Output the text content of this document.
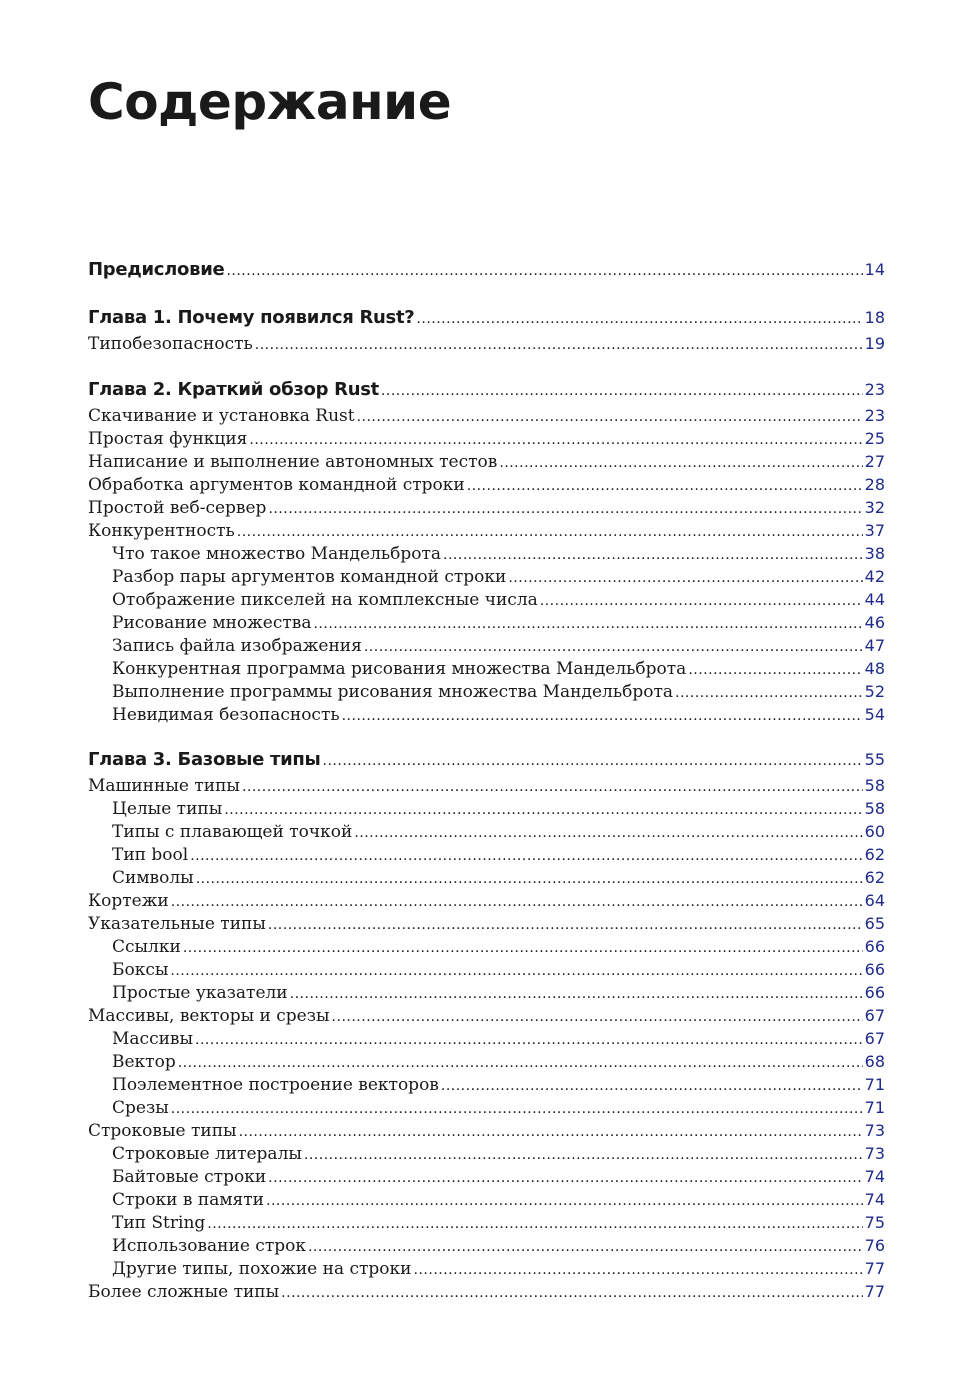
Содержание
Предисловие .....	14
Глава 1. Почему появился Rust? .....	18
Типобезопасность .....	19
Глава 2. Краткий обзор Rust .....	23
Скачивание и установка Rust .....	23
Простая функция .....	25
Написание и выполнение автономных тестов .....	27
Обработка аргументов командной строки .....	28
Простой веб-сервер .....	32
Конкурентность .....	37
Что такое множество Мандельброта .....	38
Разбор пары аргументов командной строки .....	42
Отображение пикселей на комплексные числа .....	44
Рисование множества .....	46
Запись файла изображения .....	47
Конкурентная программа рисования множества Мандельброта .....	48
Выполнение программы рисования множества Мандельброта .....	52
Невидимая безопасность .....	54
Глава 3. Базовые типы .....	55
Машинные типы .....	58
Целые типы .....	58
Типы с плавающей точкой .....	60
Тип bool .....	62
Символы .....	62
Кортежи .....	64
Указательные типы .....	65
Ссылки .....	66
Боксы .....	66
Простые указатели .....	66
Массивы, векторы и срезы .....	67
Массивы .....	67
Вектор .....	68
Поэлементное построение векторов .....	71
Срезы .....	71
Строковые типы .....	73
Строковые литералы .....	73
Байтовые строки .....	74
Строки в памяти .....	74
Тип String .....	75
Использование строк .....	76
Другие типы, похожие на строки .....	77
Более сложные типы .....	77
